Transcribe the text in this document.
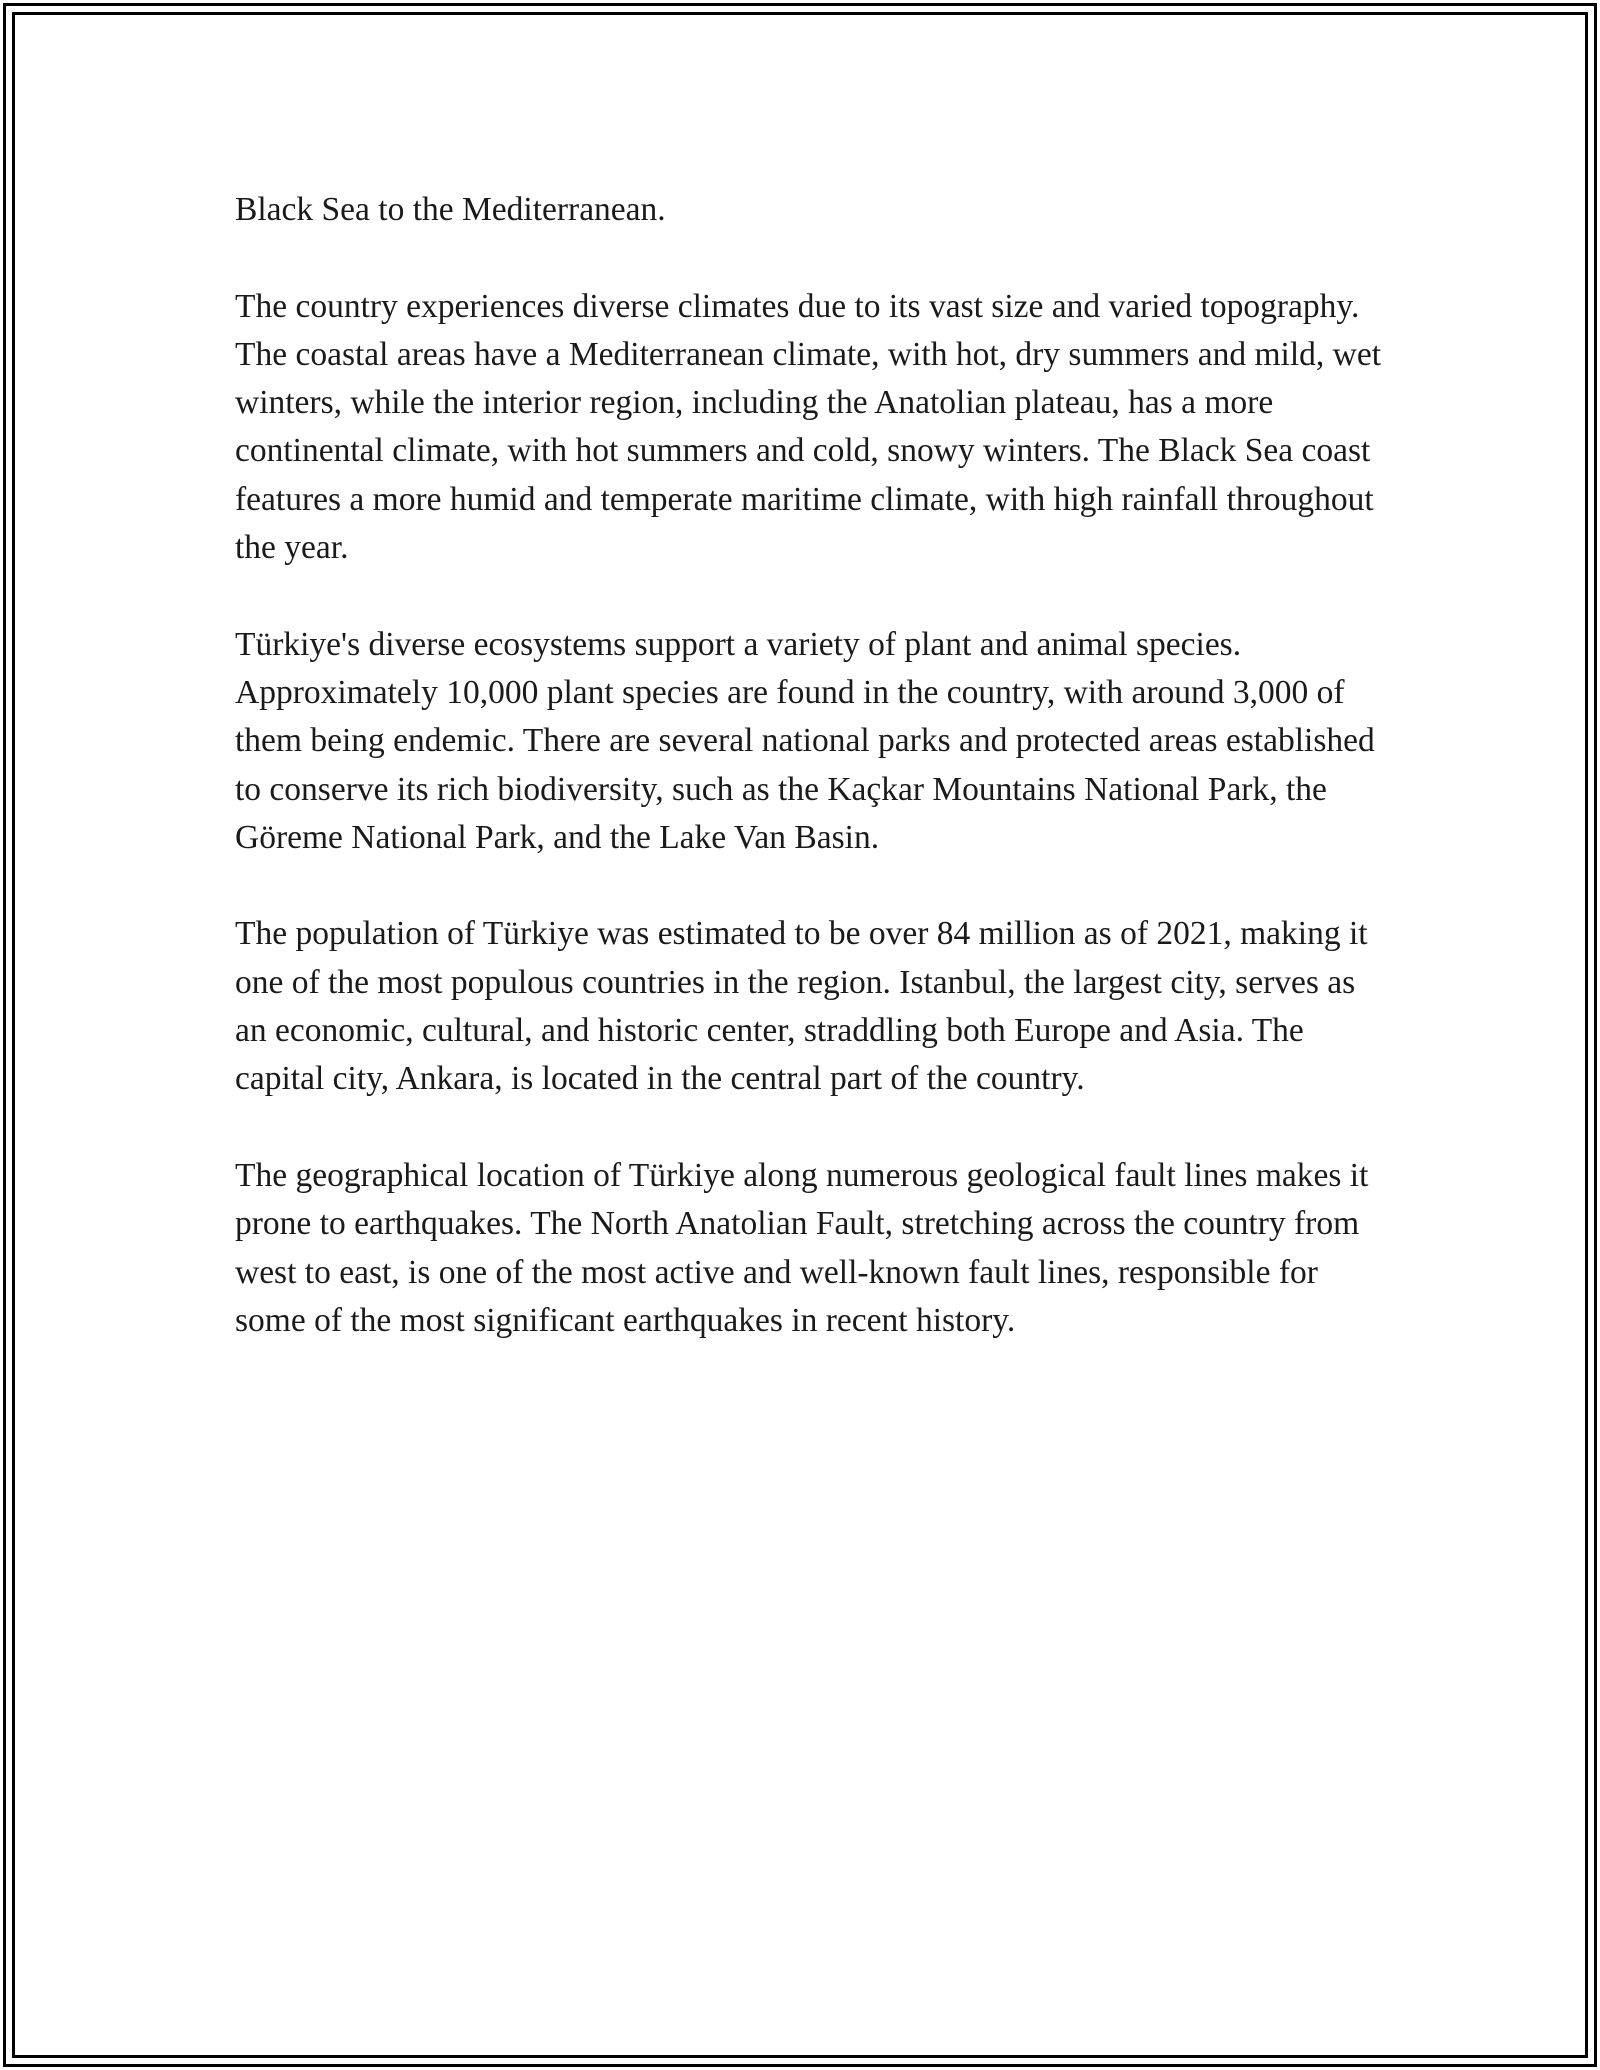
Black Sea to the Mediterranean.

The country experiences diverse climates due to its vast size and varied topography. The coastal areas have a Mediterranean climate, with hot, dry summers and mild, wet winters, while the interior region, including the Anatolian plateau, has a more continental climate, with hot summers and cold, snowy winters. The Black Sea coast features a more humid and temperate maritime climate, with high rainfall throughout the year.

Türkiye's diverse ecosystems support a variety of plant and animal species. Approximately 10,000 plant species are found in the country, with around 3,000 of them being endemic. There are several national parks and protected areas established to conserve its rich biodiversity, such as the Kaçkar Mountains National Park, the Göreme National Park, and the Lake Van Basin.

The population of Türkiye was estimated to be over 84 million as of 2021, making it one of the most populous countries in the region. Istanbul, the largest city, serves as an economic, cultural, and historic center, straddling both Europe and Asia. The capital city, Ankara, is located in the central part of the country.

The geographical location of Türkiye along numerous geological fault lines makes it prone to earthquakes. The North Anatolian Fault, stretching across the country from west to east, is one of the most active and well-known fault lines, responsible for some of the most significant earthquakes in recent history.
